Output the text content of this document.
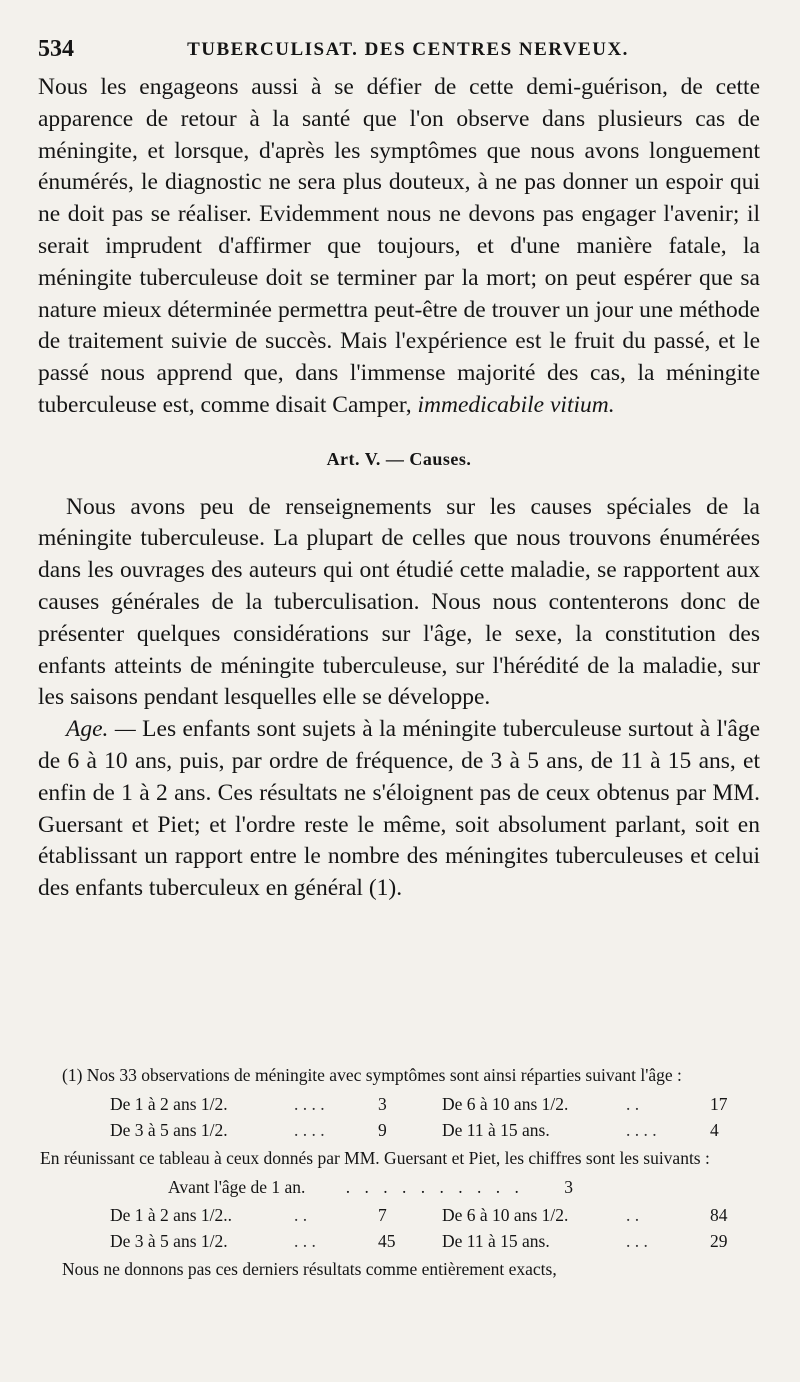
534	TUBERCULISAT. DES CENTRES NERVEUX.

Nous les engageons aussi à se défier de cette demi-guérison, de cette apparence de retour à la santé que l'on observe dans plusieurs cas de méningite, et lorsque, d'après les symptômes que nous avons longuement énumérés, le diagnostic ne sera plus douteux, à ne pas donner un espoir qui ne doit pas se réaliser. Evidemment nous ne devons pas engager l'avenir; il serait imprudent d'affirmer que toujours, et d'une manière fatale, la méningite tuberculeuse doit se terminer par la mort; on peut espérer que sa nature mieux déterminée permettra peut-être de trouver un jour une méthode de traitement suivie de succès. Mais l'expérience est le fruit du passé, et le passé nous apprend que, dans l'immense majorité des cas, la méningite tuberculeuse est, comme disait Camper, immedicabile vitium.

Art. V. — Causes.

Nous avons peu de renseignements sur les causes spéciales de la méningite tuberculeuse. La plupart de celles que nous trouvons énumérées dans les ouvrages des auteurs qui ont étudié cette maladie, se rapportent aux causes générales de la tuberculisation. Nous nous contenterons donc de présenter quelques considérations sur l'âge, le sexe, la constitution des enfants atteints de méningite tuberculeuse, sur l'hérédité de la maladie, sur les saisons pendant lesquelles elle se développe.

Age. — Les enfants sont sujets à la méningite tuberculeuse surtout à l'âge de 6 à 10 ans, puis, par ordre de fréquence, de 3 à 5 ans, de 11 à 15 ans, et enfin de 1 à 2 ans. Ces résultats ne s'éloignent pas de ceux obtenus par MM. Guersant et Piet; et l'ordre reste le même, soit absolument parlant, soit en établissant un rapport entre le nombre des méningites tuberculeuses et celui des enfants tuberculeux en général (1).

(1) Nos 33 observations de méningite avec symptômes sont ainsi réparties suivant l'âge :

De 1 à 2 ans 1/2.	. . . .	3	De 6 à 10 ans 1/2.	. .	17
De 3 à 5 ans 1/2.	. . . .	9	De 11 à 15 ans.	. . . .	4

En réunissant ce tableau à ceux donnés par MM. Guersant et Piet, les chiffres sont les suivants :

Avant l'âge de 1 an. . . . . . . . . . . 3
De 1 à 2 ans 1/2..	. .	7	De 6 à 10 ans 1/2.	. .	84
De 3 à 5 ans 1/2.	. . .	45	De 11 à 15 ans.	. . .	29

Nous ne donnons pas ces derniers résultats comme entièrement exacts,
